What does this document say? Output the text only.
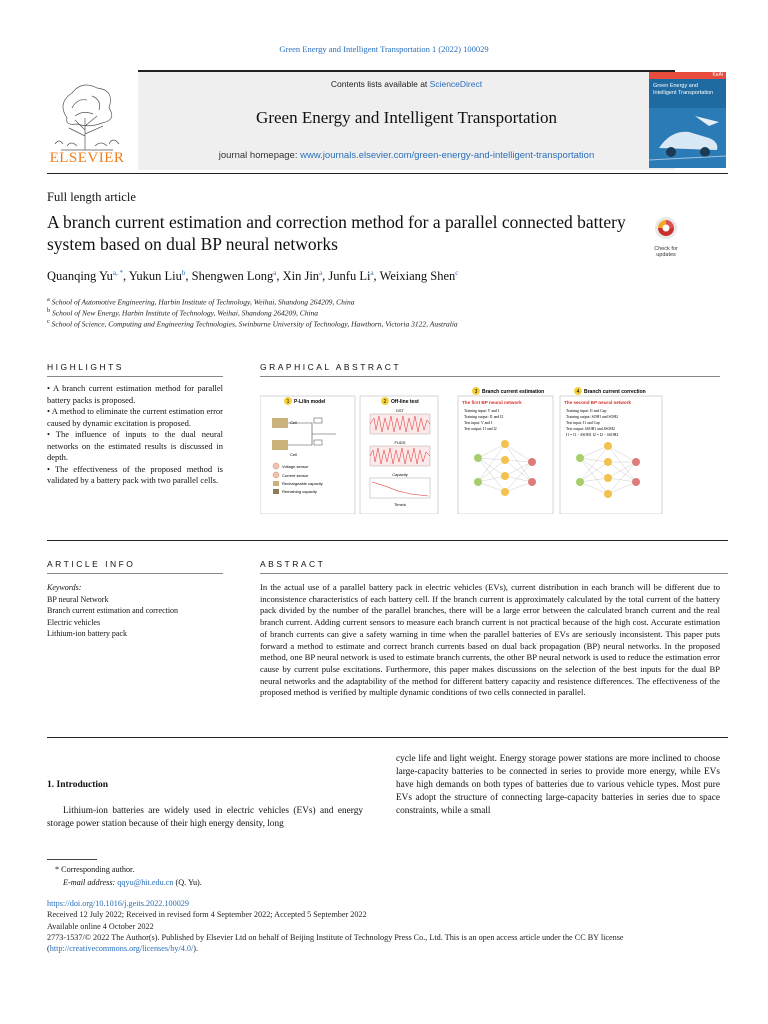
Green Energy and Intelligent Transportation 1 (2022) 100029
ELSEVIER
Contents lists available at ScienceDirect
Green Energy and Intelligent Transportation
journal homepage: www.journals.elsevier.com/green-energy-and-intelligent-transportation
KeAi
Green Energy and Intelligent Transportation
Full length article
A branch current estimation and correction method for a parallel connected battery system based on dual BP neural networks	Check for updates
Quanqing $Yu^{a, *}$, Yukun Liu$^b$, Shengwen Long$^a$, Xin Jin$^a$, Junfu Li$^a$, Weixiang Shen$^c$
$^a$ School of Automotive Engineering, Harbin Institute of Technology, Weihai, Shandong 264209, China
$^b$ School of New Energy, Harbin Institute of Technology, Weihai, Shandong 264209, China
$^c$ School of Science, Computing and Engineering Technologies, Swinburne University of Technology, Hawthorn, Victoria 3122, Australia
HIGHLIGHTS
• A branch current estimation method for parallel battery packs is proposed.
• A method to eliminate the current estimation error caused by dynamic excitation is proposed.
• The influence of inputs to the dual neural networks on the estimated results is discussed in depth.
• The effectiveness of the proposed method is validated by a battery pack with two parallel cells.
GRAPHICAL ABSTRACT
1 P-Lilin model
Cell
Cell
Voltage sensor
Current sensor
Rechargeable capacity
Remaining capacity
2 Off-line test
DST
FUDS
Capacity
Time/s
3 Branch current estimation
The first BP neural network
Training input: V and I
Training output: I1 and I2
Test input: V and I
Test output: I1 and I2
4 Branch current correction
The second BP neural network
Training input: I1 and Cap
Training output: SOH1 and SOH2
Test input: I1 and Cap
Test output: δSOH1 and δSOH2
I1 = I1 − δSOH1 I2 = I2 − δSOH2
ARTICLE INFO
Keywords:
BP neural Network
Branch current estimation and correction
Electric vehicles
Lithium-ion battery pack
ABSTRACT
In the actual use of a parallel battery pack in electric vehicles (EVs), current distribution in each branch will be different due to inconsistence characteristics of each battery cell. If the branch current is approximately calculated by the total current of the battery pack divided by the number of the parallel branches, there will be a large error between the calculated branch current and the real branch current. Adding current sensors to measure each branch current is not practical because of the high cost. Accurate estimation of branch currents can give a safety warning in time when the parallel batteries of EVs are seriously inconsistent. This paper puts forward a method to estimate and correct branch currents based on dual back propagation (BP) neural networks. In the proposed method, one BP neural network is used to estimate branch currents, the other BP neural network is used to reduce the estimation error cause by current pulse excitations. Furthermore, this paper makes discussions on the selection of the best inputs for the dual BP neural networks and the adaptability of the method for different battery capacity and resistence differences. The effectiveness of the proposed method is verified by multiple dynamic conditions of two cells connected in parallel.
1. Introduction
Lithium-ion batteries are widely used in electric vehicles (EVs) and energy storage power station because of their high energy density, long
cycle life and light weight. Energy storage power stations are more inclined to choose large-capacity batteries to be connected in series to provide more energy, while EVs have high demands on both types of batteries due to various vehicle types. Most pure EVs adopt the structure of connecting large-capacity batteries in series due to space constraints, while a small
* Corresponding author.
E-mail address: qqyu@hit.edu.cn (Q. Yu).
https://doi.org/10.1016/j.geits.2022.100029
Received 12 July 2022; Received in revised form 4 September 2022; Accepted 5 September 2022
Available online 4 October 2022
2773-1537/© 2022 The Author(s). Published by Elsevier Ltd on behalf of Beijing Institute of Technology Press Co., Ltd. This is an open access article under the CC BY license (http://creativecommons.org/licenses/by/4.0/).
